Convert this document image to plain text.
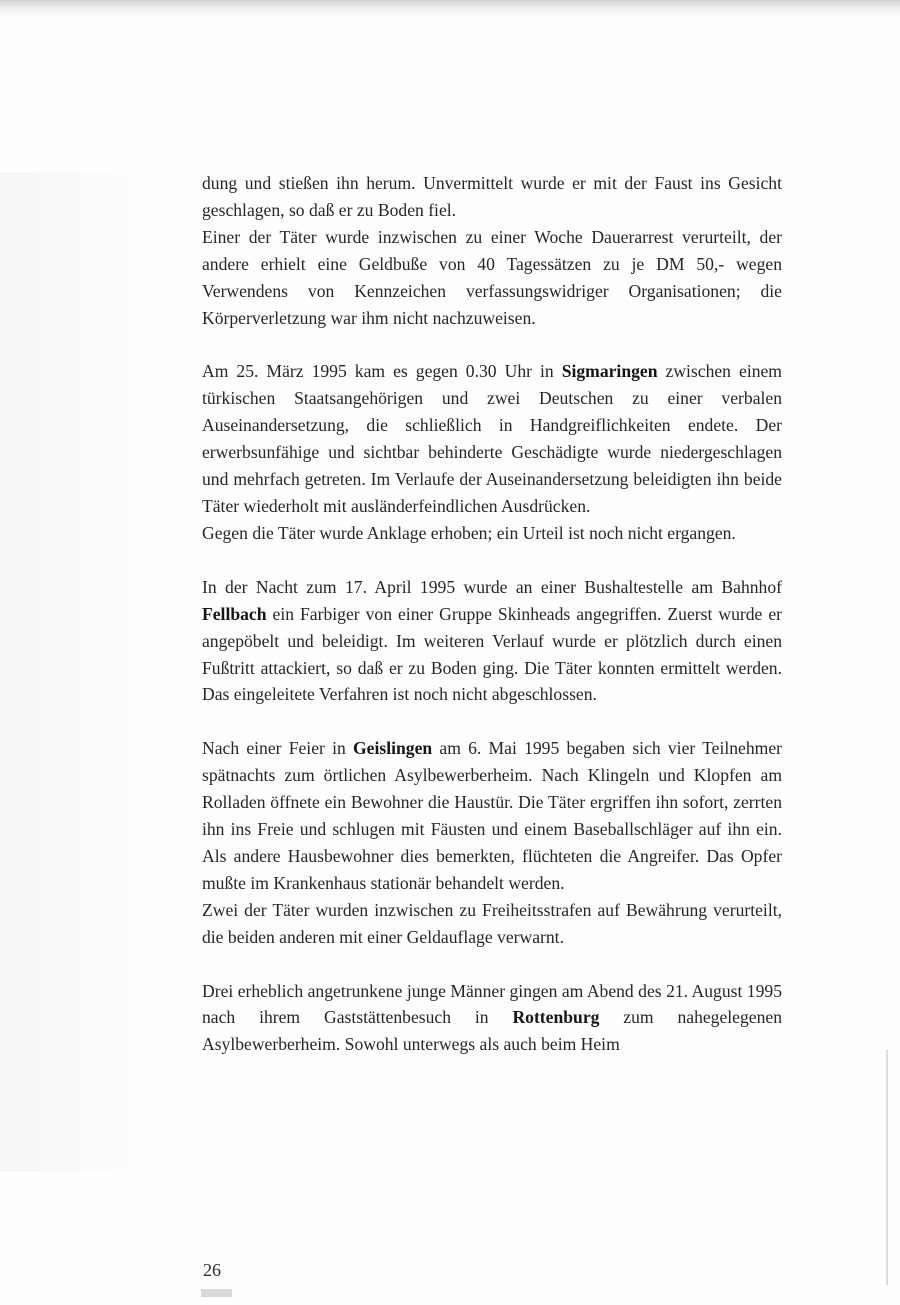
dung und stießen ihn herum. Unvermittelt wurde er mit der Faust ins Gesicht geschlagen, so daß er zu Boden fiel.

Einer der Täter wurde inzwischen zu einer Woche Dauerarrest verurteilt, der andere erhielt eine Geldbuße von 40 Tagessätzen zu je DM 50,- wegen Verwendens von Kennzeichen verfassungswidriger Organisationen; die Körperverletzung war ihm nicht nachzuweisen.

Am 25. März 1995 kam es gegen 0.30 Uhr in Sigmaringen zwischen einem türkischen Staatsangehörigen und zwei Deutschen zu einer verbalen Auseinandersetzung, die schließlich in Handgreiflichkeiten endete. Der erwerbsunfähige und sichtbar behinderte Geschädigte wurde niedergeschlagen und mehrfach getreten. Im Verlaufe der Auseinandersetzung beleidigten ihn beide Täter wiederholt mit ausländerfeindlichen Ausdrücken.

Gegen die Täter wurde Anklage erhoben; ein Urteil ist noch nicht ergangen.

In der Nacht zum 17. April 1995 wurde an einer Bushaltestelle am Bahnhof Fellbach ein Farbiger von einer Gruppe Skinheads angegriffen. Zuerst wurde er angepöbelt und beleidigt. Im weiteren Verlauf wurde er plötzlich durch einen Fußtritt attackiert, so daß er zu Boden ging. Die Täter konnten ermittelt werden. Das eingeleitete Verfahren ist noch nicht abgeschlossen.

Nach einer Feier in Geislingen am 6. Mai 1995 begaben sich vier Teilnehmer spätnachts zum örtlichen Asylbewerberheim. Nach Klingeln und Klopfen am Rolladen öffnete ein Bewohner die Haustür. Die Täter ergriffen ihn sofort, zerrten ihn ins Freie und schlugen mit Fäusten und einem Baseballschläger auf ihn ein. Als andere Hausbewohner dies bemerkten, flüchteten die Angreifer. Das Opfer mußte im Krankenhaus stationär behandelt werden.

Zwei der Täter wurden inzwischen zu Freiheitsstrafen auf Bewährung verurteilt, die beiden anderen mit einer Geldauflage verwarnt.

Drei erheblich angetrunkene junge Männer gingen am Abend des 21. August 1995 nach ihrem Gaststättenbesuch in Rottenburg zum nahegelegenen Asylbewerberheim. Sowohl unterwegs als auch beim Heim

26
